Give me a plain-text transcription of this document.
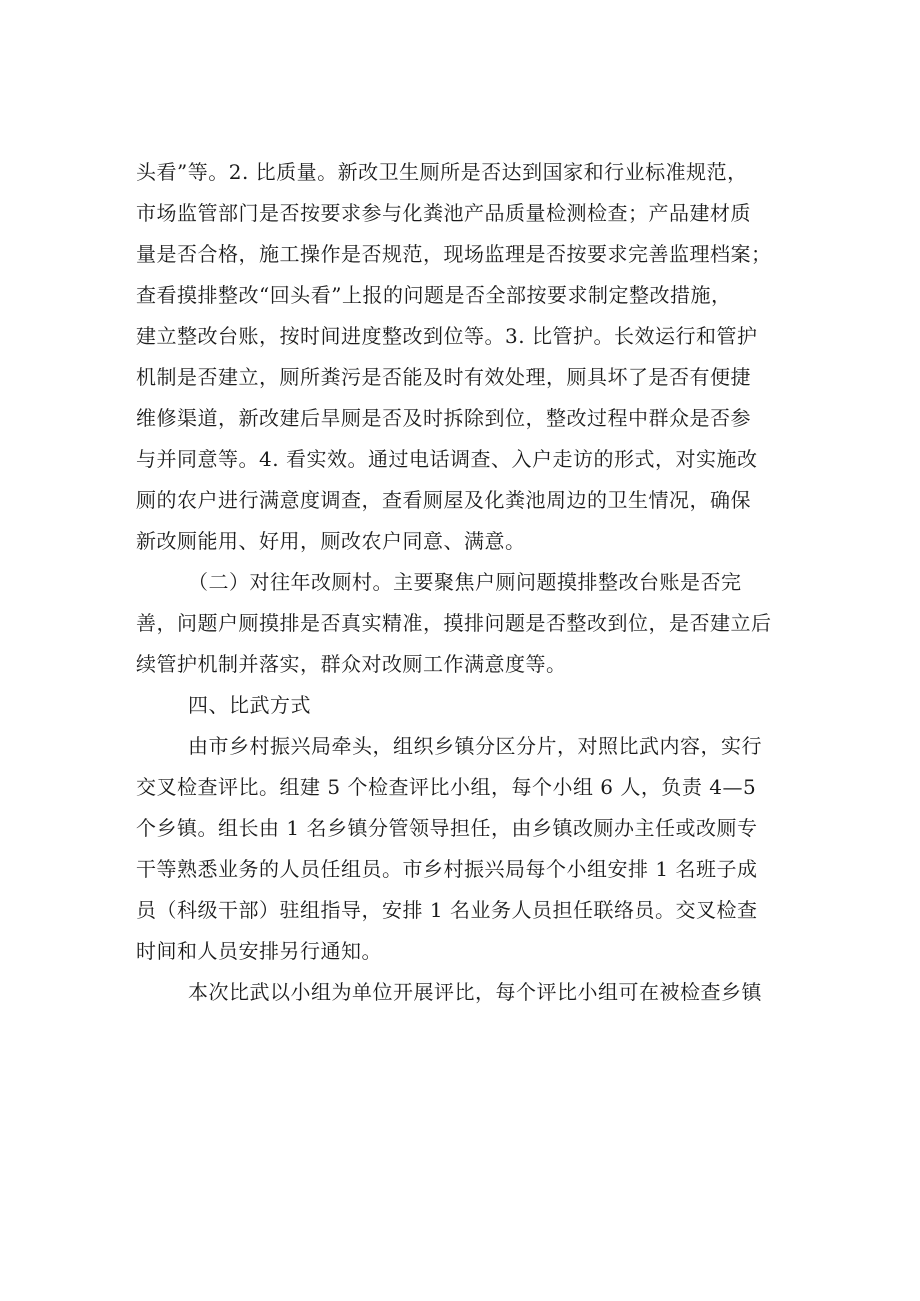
头看”等。2. 比质量。新改卫生厕所是否达到国家和行业标准规范，
市场监管部门是否按要求参与化粪池产品质量检测检查；产品建材质
量是否合格，施工操作是否规范，现场监理是否按要求完善监理档案；
查看摸排整改“回头看”上报的问题是否全部按要求制定整改措施，
建立整改台账，按时间进度整改到位等。3. 比管护。长效运行和管护
机制是否建立，厕所粪污是否能及时有效处理，厕具坏了是否有便捷
维修渠道，新改建后旱厕是否及时拆除到位，整改过程中群众是否参
与并同意等。4. 看实效。通过电话调查、入户走访的形式，对实施改
厕的农户进行满意度调查，查看厕屋及化粪池周边的卫生情况，确保
新改厕能用、好用，厕改农户同意、满意。
（二）对往年改厕村。主要聚焦户厕问题摸排整改台账是否完
善，问题户厕摸排是否真实精准，摸排问题是否整改到位，是否建立后
续管护机制并落实，群众对改厕工作满意度等。
四、比武方式
由市乡村振兴局牵头，组织乡镇分区分片，对照比武内容，实行
交叉检查评比。组建 5 个检查评比小组，每个小组 6 人，负责 4—5
个乡镇。组长由 1 名乡镇分管领导担任，由乡镇改厕办主任或改厕专
干等熟悉业务的人员任组员。市乡村振兴局每个小组安排 1 名班子成
员（科级干部）驻组指导，安排 1 名业务人员担任联络员。交叉检查
时间和人员安排另行通知。
本次比武以小组为单位开展评比，每个评比小组可在被检查乡镇
